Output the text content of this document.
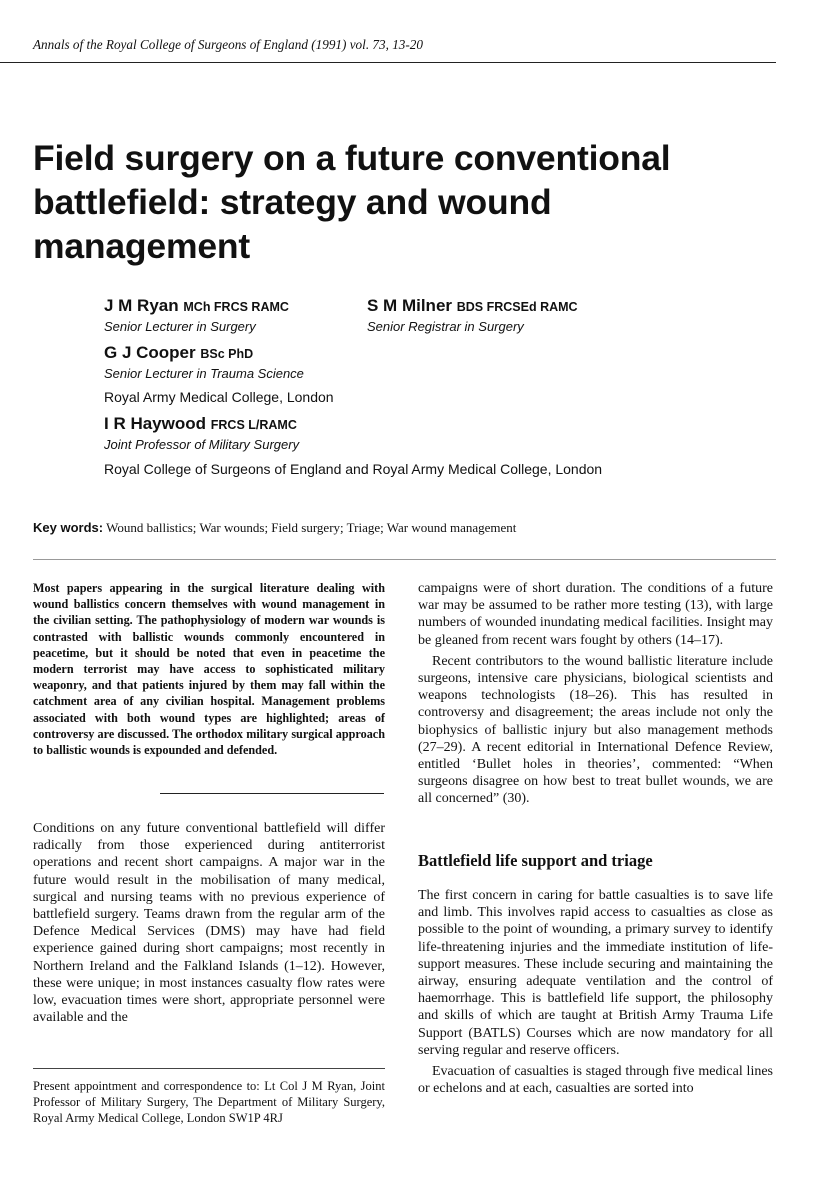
Annals of the Royal College of Surgeons of England (1991) vol. 73, 13-20
Field surgery on a future conventional battlefield: strategy and wound management
J M Ryan MCh FRCS RAMC
Senior Lecturer in Surgery
S M Milner BDS FRCSEd RAMC
Senior Registrar in Surgery
G J Cooper BSc PhD
Senior Lecturer in Trauma Science
Royal Army Medical College, London
I R Haywood FRCS L/RAMC
Joint Professor of Military Surgery
Royal College of Surgeons of England and Royal Army Medical College, London
Key words: Wound ballistics; War wounds; Field surgery; Triage; War wound management
Most papers appearing in the surgical literature dealing with wound ballistics concern themselves with wound management in the civilian setting. The pathophysiology of modern war wounds is contrasted with ballistic wounds commonly encountered in peacetime, but it should be noted that even in peacetime the modern terrorist may have access to sophisticated military weaponry, and that patients injured by them may fall within the catchment area of any civilian hospital. Management problems associated with both wound types are highlighted; areas of controversy are discussed. The orthodox military surgical approach to ballistic wounds is expounded and defended.
Conditions on any future conventional battlefield will differ radically from those experienced during antiterrorist operations and recent short campaigns. A major war in the future would result in the mobilisation of many medical, surgical and nursing teams with no previous experience of battlefield surgery. Teams drawn from the regular arm of the Defence Medical Services (DMS) may have had field experience gained during short campaigns; most recently in Northern Ireland and the Falkland Islands (1–12). However, these were unique; in most instances casualty flow rates were low, evacuation times were short, appropriate personnel were available and the
Present appointment and correspondence to: Lt Col J M Ryan, Joint Professor of Military Surgery, The Department of Military Surgery, Royal Army Medical College, London SW1P 4RJ

campaigns were of short duration. The conditions of a future war may be assumed to be rather more testing (13), with large numbers of wounded inundating medical facilities. Insight may be gleaned from recent wars fought by others (14–17).

Recent contributors to the wound ballistic literature include surgeons, intensive care physicians, biological scientists and weapons technologists (18–26). This has resulted in controversy and disagreement; the areas include not only the biophysics of ballistic injury but also management methods (27–29). A recent editorial in International Defence Review, entitled ‘Bullet holes in theories’, commented: “When surgeons disagree on how best to treat bullet wounds, we are all concerned” (30).

Battlefield life support and triage

The first concern in caring for battle casualties is to save life and limb. This involves rapid access to casualties as close as possible to the point of wounding, a primary survey to identify life-threatening injuries and the immediate institution of life-support measures. These include securing and maintaining the airway, ensuring adequate ventilation and the control of haemorrhage. This is battlefield life support, the philosophy and skills of which are taught at British Army Trauma Life Support (BATLS) Courses which are now mandatory for all serving regular and reserve officers.

Evacuation of casualties is staged through five medical lines or echelons and at each, casualties are sorted into
